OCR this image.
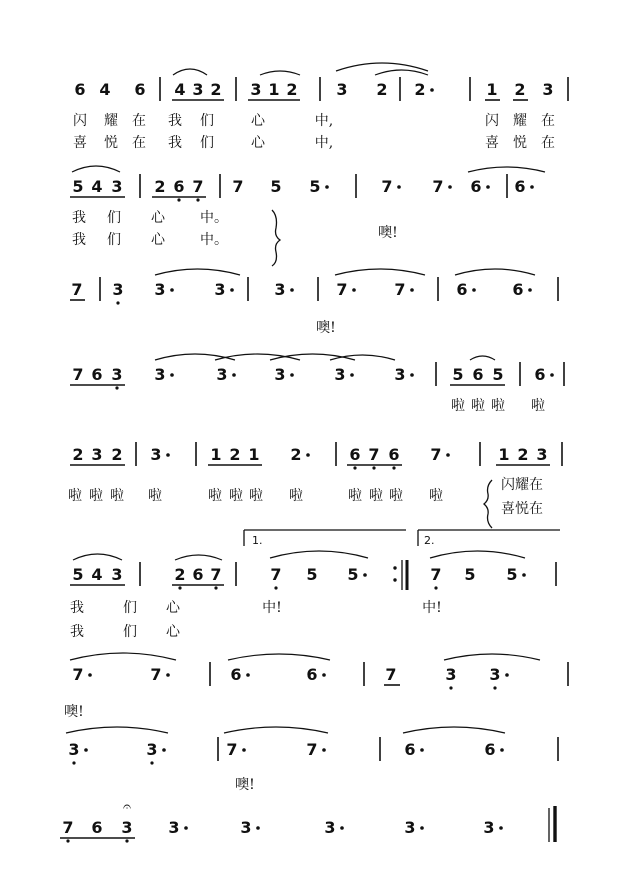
6 4 6 4 3 2 3 1 2 3 2 2	1 2 3
闪 耀 在 我 们	心	中,	闪 耀 在
喜 悦 在 我 们	心	中,	喜 悦 在
5 4 3 2 6 7 7 5 5	7 7 6 6
我 们 心	中。
我 们 心	中。	噢!
7 3 3	3	3	7	7	6	6
噢!
7 6 3 3	3	3	3	3	5 6 5 6
啦 啦 啦 啦
2 3 2 3	1 2 1 2	6 7 6 7	1 2 3
啦 啦 啦 啦	啦 啦 啦 啦	啦 啦 啦 啦
闪耀在
喜悦在
5 4 3	2 6 7	7 5 5	7 5 5
1.	2.
我	们 心	中!	中!
我	们 心
7	7	6	6	7	3 3
噢!
3	3	7	7	6	6
噢!
7 6 3 3	3	3	3	3
𝄐
